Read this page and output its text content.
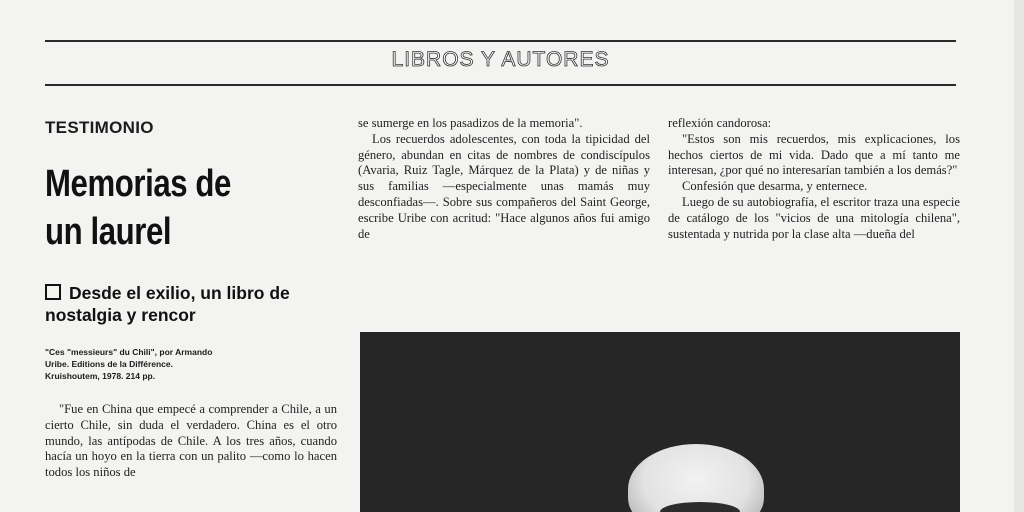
LIBROS Y AUTORES
TESTIMONIO
Memorias de
un laurel
Desde el exilio, un libro de nostalgia y rencor
"Ces "messieurs" du Chili", por Armando
Uribe. Editions de la Différence.
Kruishoutem, 1978. 214 pp.

"Fue en China que empecé a comprender a Chile, a un cierto Chile, sin duda el verdadero. China es el otro mundo, las antípodas de Chile. A los tres años, cuando hacía un hoyo en la tierra con un palito —como lo hacen todos los niños de

se sumerge en los pasadizos de la memoria".

Los recuerdos adolescentes, con toda la tipicidad del género, abundan en citas de nombres de condiscípulos (Avaria, Ruiz Tagle, Márquez de la Plata) y de niñas y sus familias —especialmente unas mamás muy desconfiadas—. Sobre sus compañeros del Saint George, escribe Uribe con acritud: "Hace algunos años fui amigo de

reflexión candorosa:

"Estos son mis recuerdos, mis explicaciones, los hechos ciertos de mi vida. Dado que a mí tanto me interesan, ¿por qué no interesarían también a los demás?"

Confesión que desarma, y enternece.

Luego de su autobiografía, el escritor traza una especie de catálogo de los "vicios de una mitología chilena", sustentada y nutrida por la clase alta —dueña del
